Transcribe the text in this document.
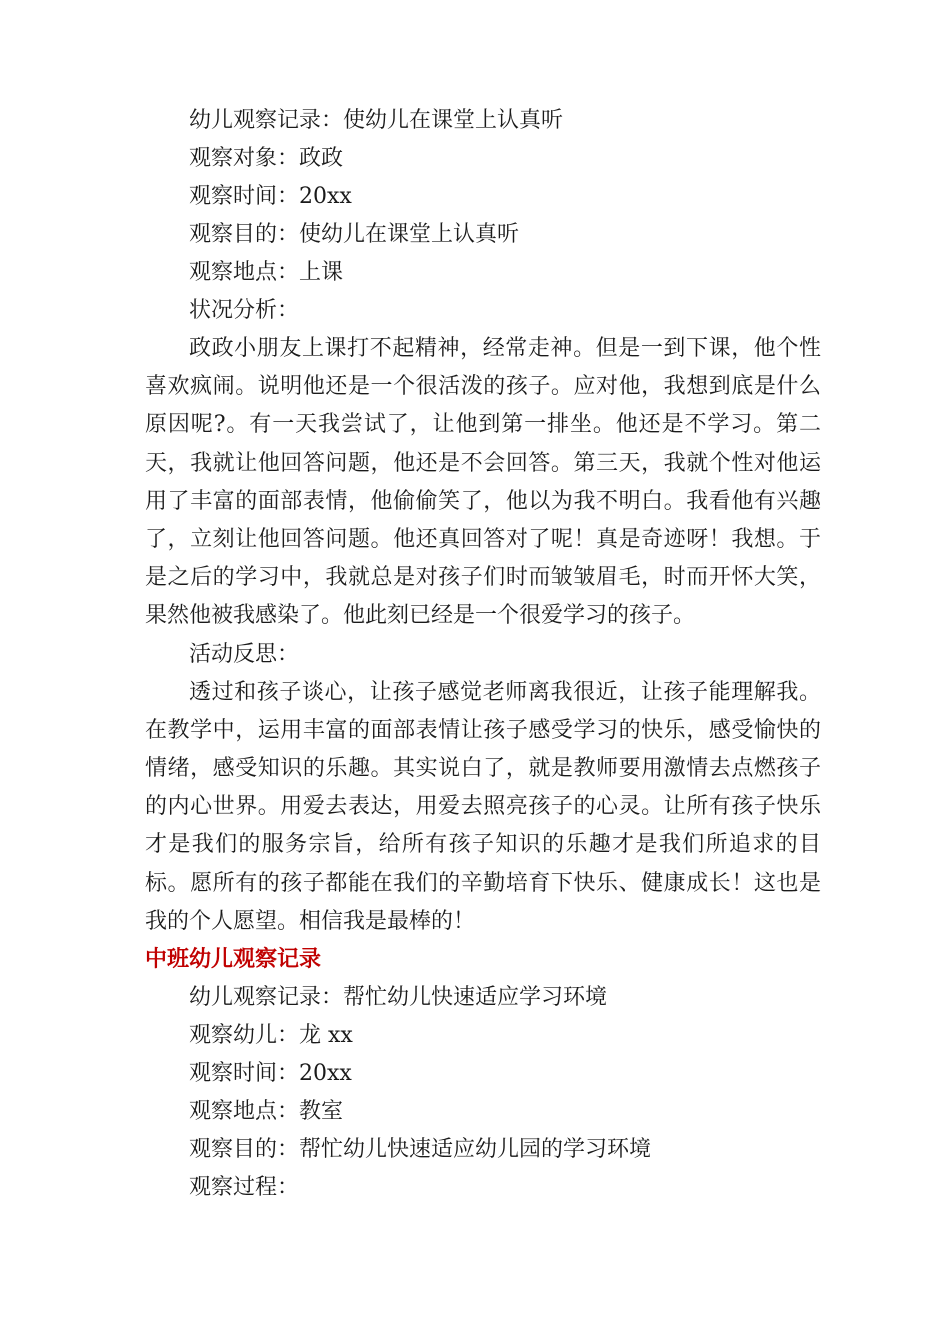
幼儿观察记录：使幼儿在课堂上认真听
观察对象：政政
观察时间：20xx
观察目的：使幼儿在课堂上认真听
观察地点：上课
状况分析：

政政小朋友上课打不起精神，经常走神。但是一到下课，他个性喜欢疯闹。说明他还是一个很活泼的孩子。应对他，我想到底是什么原因呢?。有一天我尝试了，让他到第一排坐。他还是不学习。第二天，我就让他回答问题，他还是不会回答。第三天，我就个性对他运用了丰富的面部表情，他偷偷笑了，他以为我不明白。我看他有兴趣了，立刻让他回答问题。他还真回答对了呢！真是奇迹呀！我想。于是之后的学习中，我就总是对孩子们时而皱皱眉毛，时而开怀大笑，果然他被我感染了。他此刻已经是一个很爱学习的孩子。

活动反思：

透过和孩子谈心，让孩子感觉老师离我很近，让孩子能理解我。在教学中，运用丰富的面部表情让孩子感受学习的快乐，感受愉快的情绪，感受知识的乐趣。其实说白了，就是教师要用激情去点燃孩子的内心世界。用爱去表达，用爱去照亮孩子的心灵。让所有孩子快乐才是我们的服务宗旨，给所有孩子知识的乐趣才是我们所追求的目标。愿所有的孩子都能在我们的辛勤培育下快乐、健康成长！这也是我的个人愿望。相信我是最棒的！

中班幼儿观察记录
幼儿观察记录：帮忙幼儿快速适应学习环境
观察幼儿：龙 xx
观察时间：20xx
观察地点：教室
观察目的：帮忙幼儿快速适应幼儿园的学习环境
观察过程：
